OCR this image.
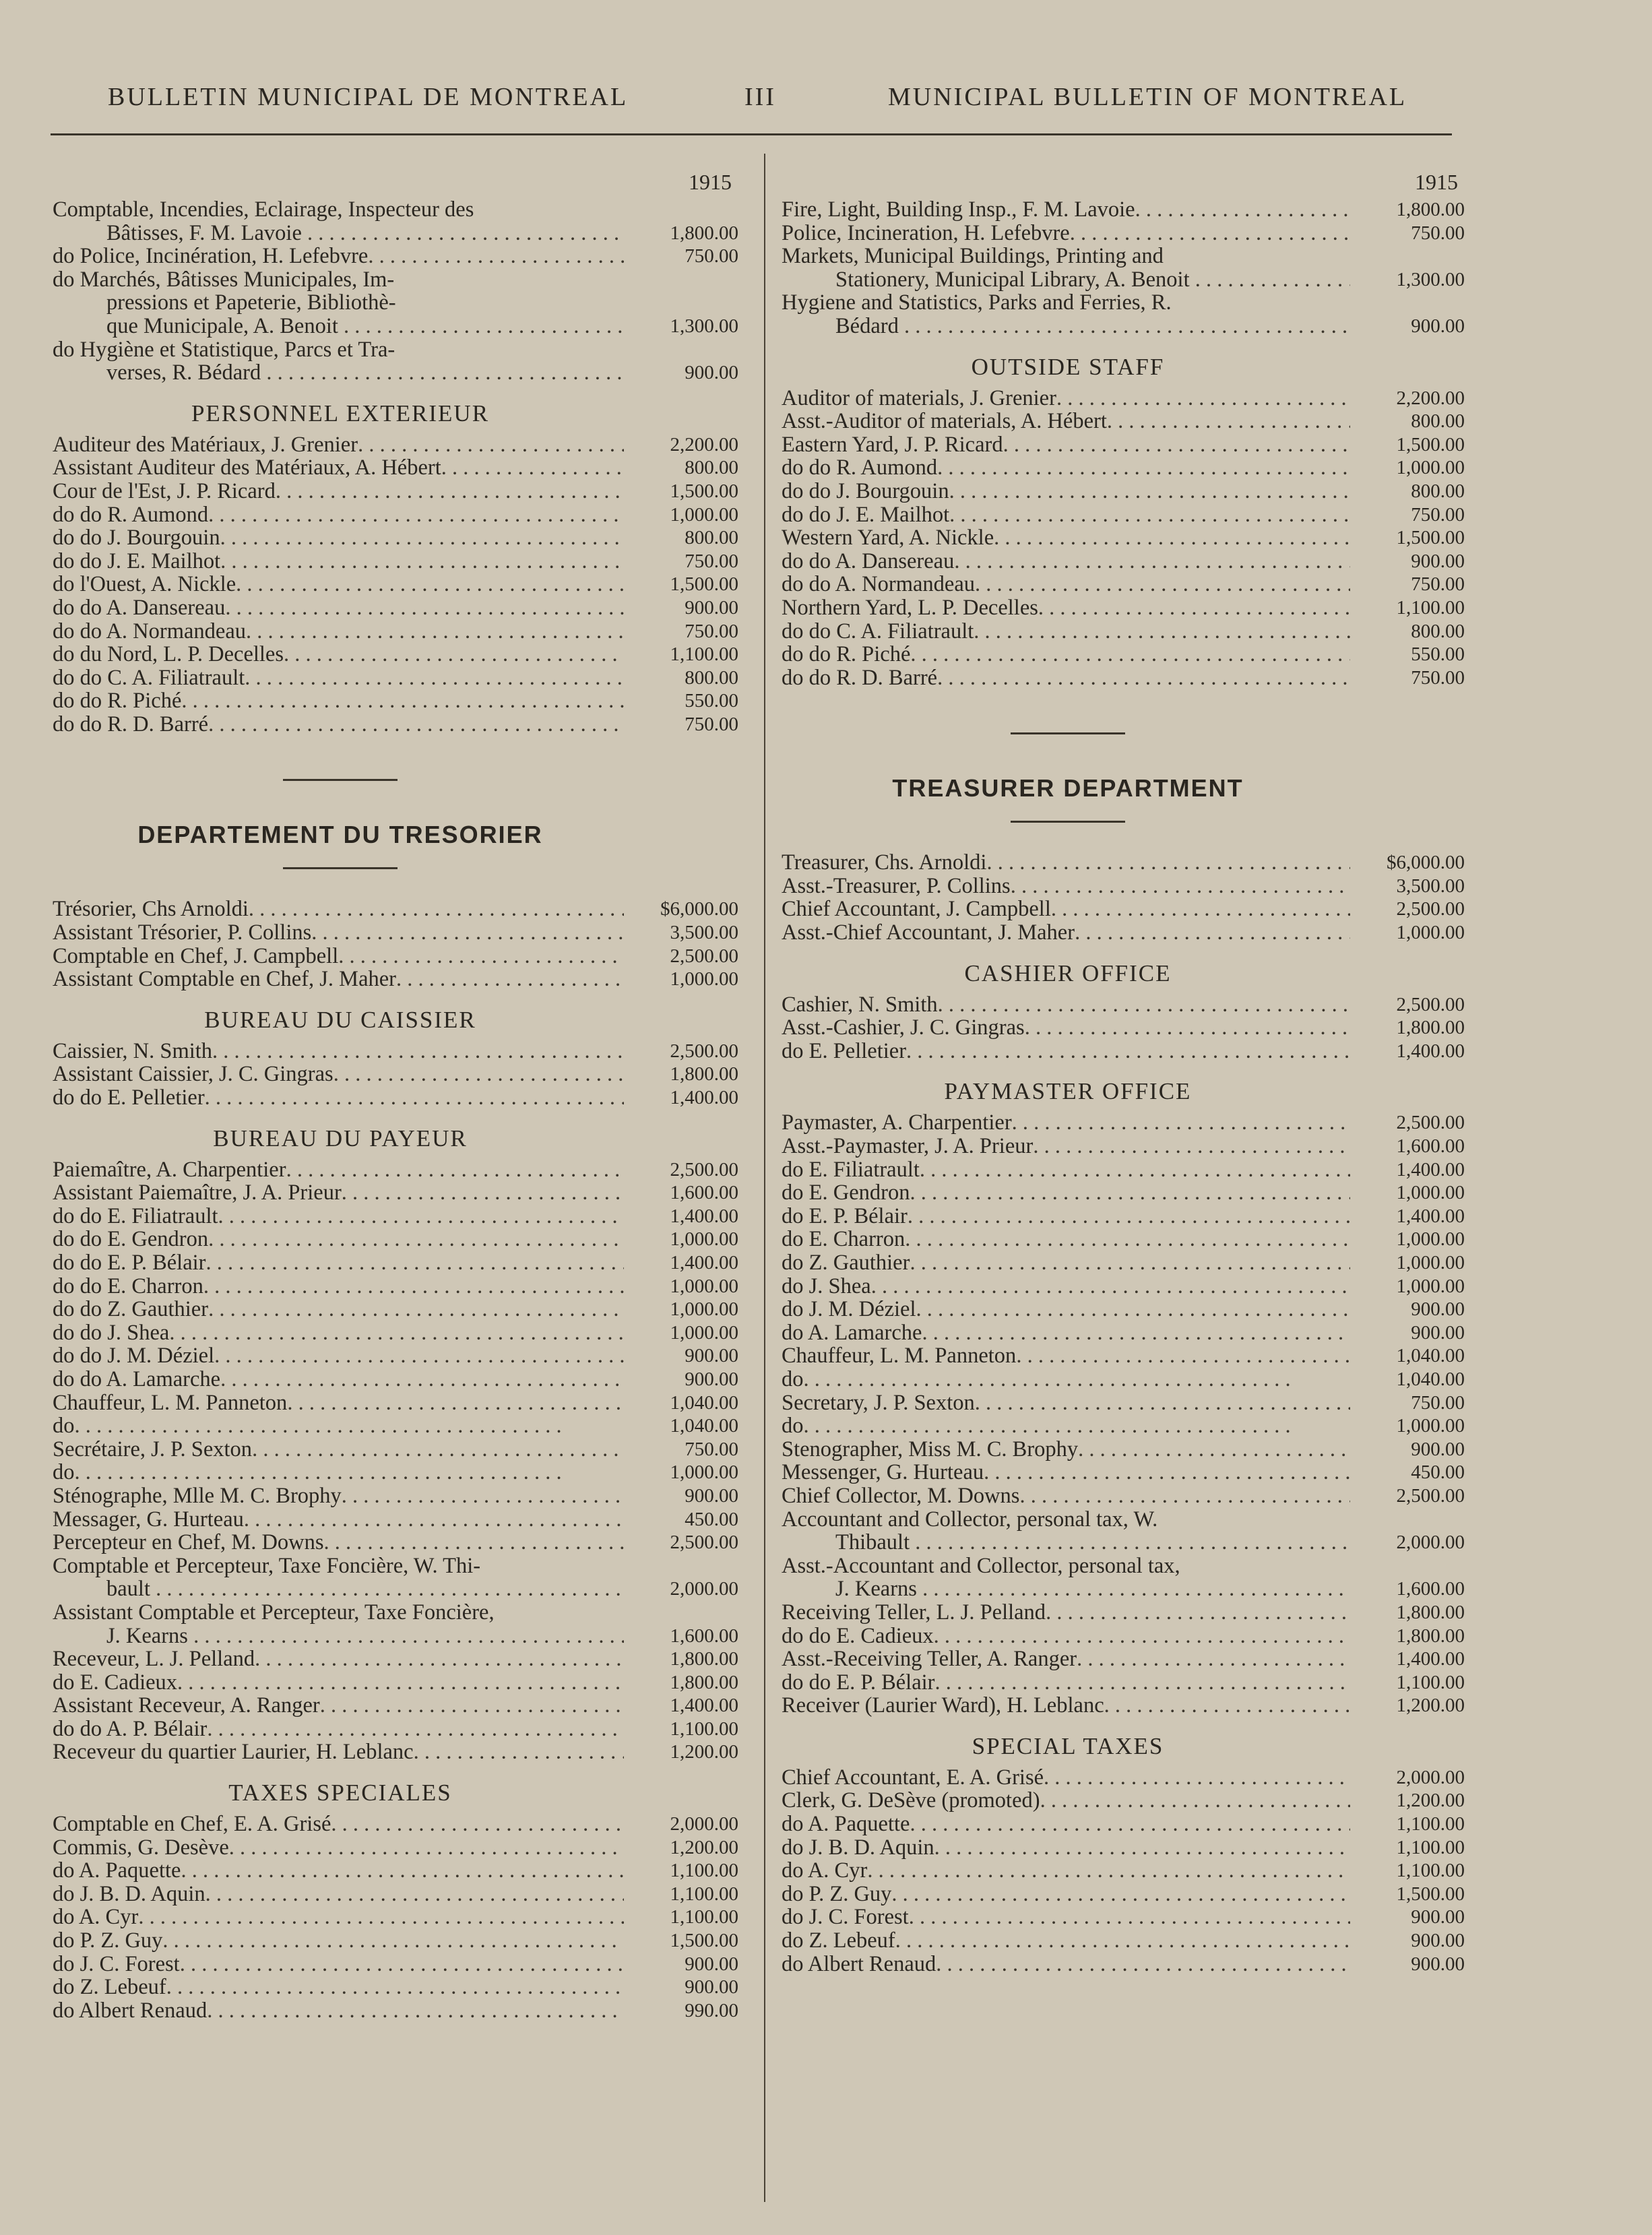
BULLETIN MUNICIPAL DE MONTREAL	III	MUNICIPAL BULLETIN OF MONTREAL
1915
Comptable, Incendies, Eclairage, Inspecteur des
Bâtisses, F. M. Lavoie . . .	1,800.00
do Police, Incinération, H. Lefebvre . . .	750.00
do Marchés, Bâtisses Municipales, Im-
pressions et Papeterie, Bibliothè-
que Municipale, A. Benoit . . .	1,300.00
do Hygiène et Statistique, Parcs et Tra-
verses, R. Bédard . . .	900.00
PERSONNEL EXTERIEUR
Auditeur des Matériaux, J. Grenier . . .	2,200.00
Assistant Auditeur des Matériaux, A. Hébert . . .	800.00
Cour de l'Est, J. P. Ricard . . .	1,500.00
do do R. Aumond . . .	1,000.00
do do J. Bourgouin . . .	800.00
do do J. E. Mailhot . . .	750.00
do l'Ouest, A. Nickle . . .	1,500.00
do do A. Dansereau . . .	900.00
do do A. Normandeau . . .	750.00
do du Nord, L. P. Decelles . . .	1,100.00
do do C. A. Filiatrault . . .	800.00
do do R. Piché . . .	550.00
do do R. D. Barré . . .	750.00
DEPARTEMENT DU TRESORIER
Trésorier, Chs Arnoldi . . .	$6,000.00
Assistant Trésorier, P. Collins . . .	3,500.00
Comptable en Chef, J. Campbell . . .	2,500.00
Assistant Comptable en Chef, J. Maher . . .	1,000.00
BUREAU DU CAISSIER
Caissier, N. Smith . . .	2,500.00
Assistant Caissier, J. C. Gingras . . .	1,800.00
do do E. Pelletier . . .	1,400.00
BUREAU DU PAYEUR
Paiemaître, A. Charpentier . . .	2,500.00
Assistant Paiemaître, J. A. Prieur . . .	1,600.00
do do E. Filiatrault . . .	1,400.00
do do E. Gendron . . .	1,000.00
do do E. P. Bélair . . .	1,400.00
do do E. Charron . . .	1,000.00
do do Z. Gauthier . . .	1,000.00
do do J. Shea . . .	1,000.00
do do J. M. Déziel . . .	900.00
do do A. Lamarche . . .	900.00
Chauffeur, L. M. Panneton . . .	1,040.00
do . . .	1,040.00
Secrétaire, J. P. Sexton . . .	750.00
do . . .	1,000.00
Sténographe, Mlle M. C. Brophy . . .	900.00
Messager, G. Hurteau . . .	450.00
Percepteur en Chef, M. Downs . . .	2,500.00
Comptable et Percepteur, Taxe Foncière, W. Thi-
bault . . .	2,000.00
Assistant Comptable et Percepteur, Taxe Foncière,
J. Kearns . . .	1,600.00
Receveur, L. J. Pelland . . .	1,800.00
do E. Cadieux . . .	1,800.00
Assistant Receveur, A. Ranger . . .	1,400.00
do do A. P. Bélair . . .	1,100.00
Receveur du quartier Laurier, H. Leblanc . . .	1,200.00
TAXES SPECIALES
Comptable en Chef, E. A. Grisé . . .	2,000.00
Commis, G. Desève . . .	1,200.00
do A. Paquette . . .	1,100.00
do J. B. D. Aquin . . .	1,100.00
do A. Cyr . . .	1,100.00
do P. Z. Guy . . .	1,500.00
do J. C. Forest . . .	900.00
do Z. Lebeuf . . .	900.00
do Albert Renaud . . .	990.00
1915
Fire, Light, Building Insp., F. M. Lavoie . . .	1,800.00
Police, Incineration, H. Lefebvre . . .	750.00
Markets, Municipal Buildings, Printing and
Stationery, Municipal Library, A. Benoit . . .	1,300.00
Hygiene and Statistics, Parks and Ferries, R.
Bédard . . .	900.00
OUTSIDE STAFF
Auditor of materials, J. Grenier . . .	2,200.00
Asst.-Auditor of materials, A. Hébert . . .	800.00
Eastern Yard, J. P. Ricard . . .	1,500.00
do do R. Aumond . . .	1,000.00
do do J. Bourgouin . . .	800.00
do do J. E. Mailhot . . .	750.00
Western Yard, A. Nickle . . .	1,500.00
do do A. Dansereau . . .	900.00
do do A. Normandeau . . .	750.00
Northern Yard, L. P. Decelles . . .	1,100.00
do do C. A. Filiatrault . . .	800.00
do do R. Piché . . .	550.00
do do R. D. Barré . . .	750.00
TREASURER DEPARTMENT
Treasurer, Chs. Arnoldi . . .	$6,000.00
Asst.-Treasurer, P. Collins . . .	3,500.00
Chief Accountant, J. Campbell . . .	2,500.00
Asst.-Chief Accountant, J. Maher . . .	1,000.00
CASHIER OFFICE
Cashier, N. Smith . . .	2,500.00
Asst.-Cashier, J. C. Gingras . . .	1,800.00
do E. Pelletier . . .	1,400.00
PAYMASTER OFFICE
Paymaster, A. Charpentier . . .	2,500.00
Asst.-Paymaster, J. A. Prieur . . .	1,600.00
do E. Filiatrault . . .	1,400.00
do E. Gendron . . .	1,000.00
do E. P. Bélair . . .	1,400.00
do E. Charron . . .	1,000.00
do Z. Gauthier . . .	1,000.00
do J. Shea . . .	1,000.00
do J. M. Déziel . . .	900.00
do A. Lamarche . . .	900.00
Chauffeur, L. M. Panneton . . .	1,040.00
do . . .	1,040.00
Secretary, J. P. Sexton . . .	750.00
do . . .	1,000.00
Stenographer, Miss M. C. Brophy . . .	900.00
Messenger, G. Hurteau . . .	450.00
Chief Collector, M. Downs . . .	2,500.00
Accountant and Collector, personal tax, W.
Thibault . . .	2,000.00
Asst.-Accountant and Collector, personal tax,
J. Kearns . . .	1,600.00
Receiving Teller, L. J. Pelland . . .	1,800.00
do do E. Cadieux . . .	1,800.00
Asst.-Receiving Teller, A. Ranger . . .	1,400.00
do do E. P. Bélair . . .	1,100.00
Receiver (Laurier Ward), H. Leblanc . . .	1,200.00
SPECIAL TAXES
Chief Accountant, E. A. Grisé . . .	2,000.00
Clerk, G. DeSève (promoted) . . .	1,200.00
do A. Paquette . . .	1,100.00
do J. B. D. Aquin . . .	1,100.00
do A. Cyr . . .	1,100.00
do P. Z. Guy . . .	1,500.00
do J. C. Forest . . .	900.00
do Z. Lebeuf . . .	900.00
do Albert Renaud . . .	900.00
